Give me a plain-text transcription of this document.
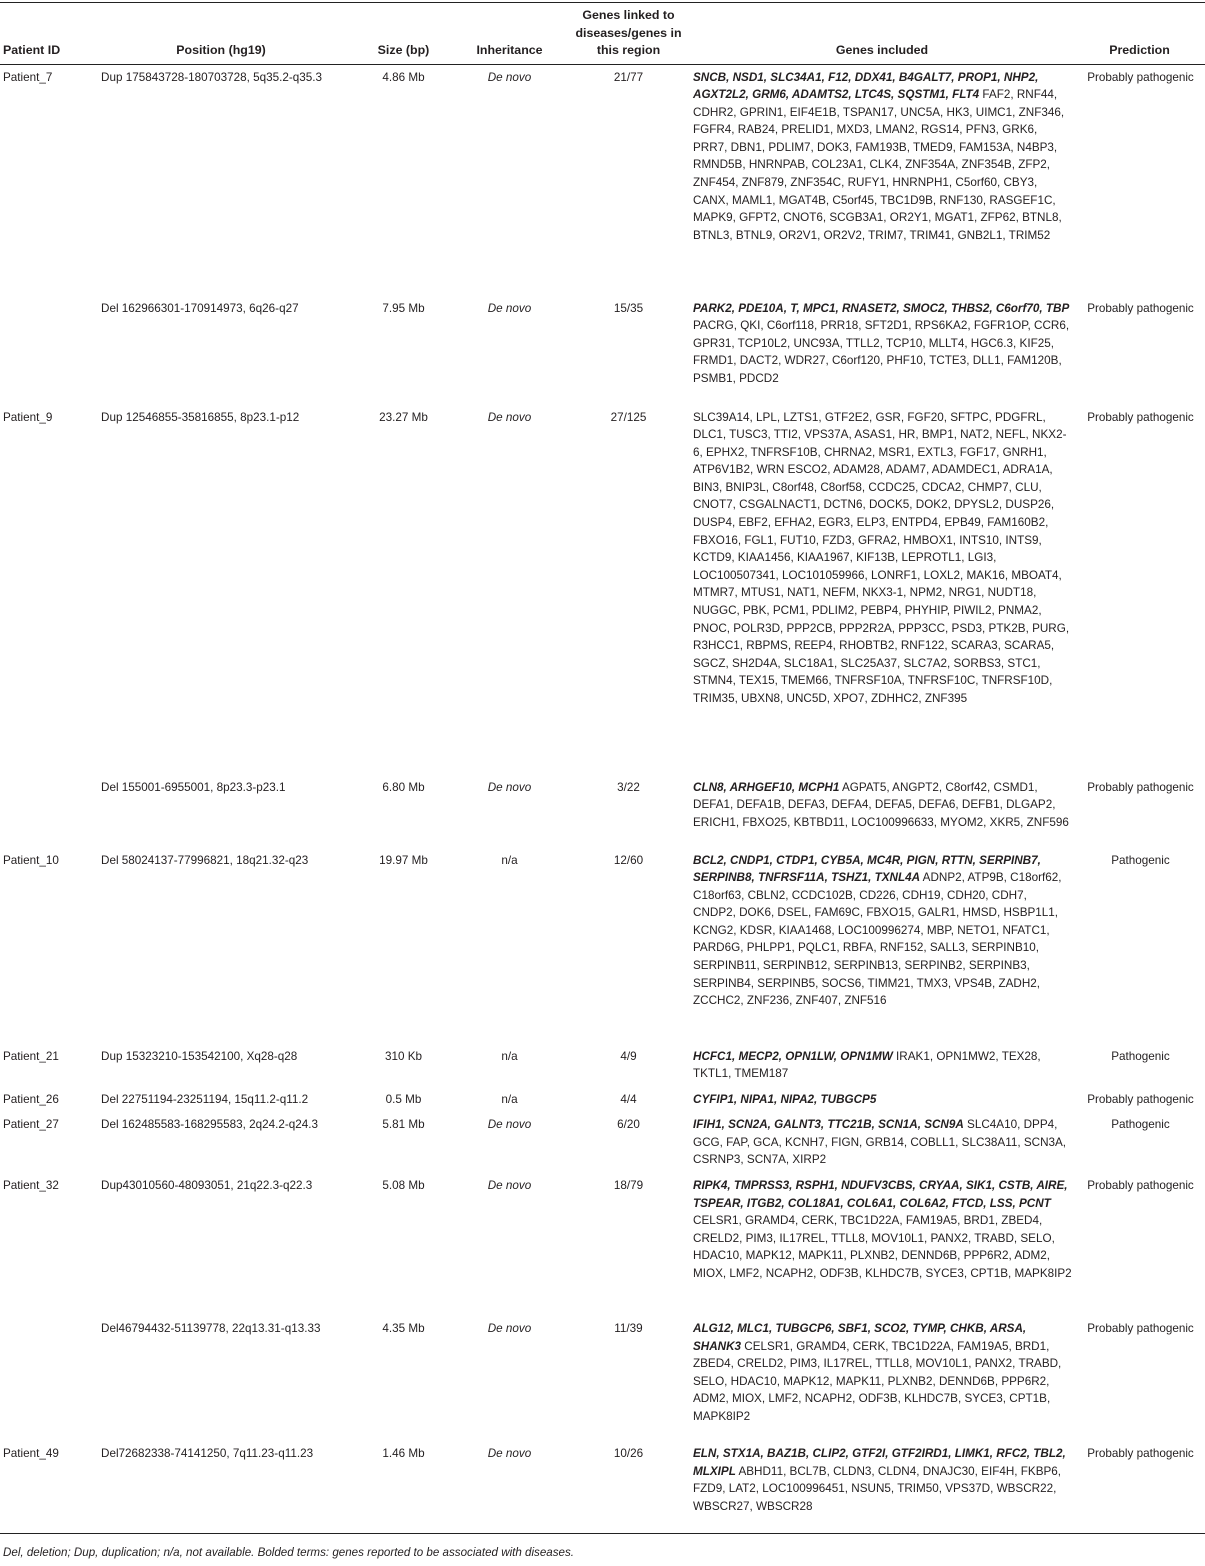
Patient ID	Position (hg19)	Size (bp)	Inheritance	Genes linked to diseases/genes in this region	Genes included	Prediction
Patient_7	Dup 175843728-180703728, 5q35.2-q35.3	4.86 Mb	De novo	21/77	SNCB, NSD1, SLC34A1, F12, DDX41, B4GALT7, PROP1, NHP2, AGXT2L2, GRM6, ADAMTS2, LTC4S, SQSTM1, FLT4 FAF2, RNF44, CDHR2, GPRIN1, EIF4E1B, TSPAN17, UNC5A, HK3, UIMC1, ZNF346, FGFR4, RAB24, PRELID1, MXD3, LMAN2, RGS14, PFN3, GRK6, PRR7, DBN1, PDLIM7, DOK3, FAM193B, TMED9, FAM153A, N4BP3, RMND5B, HNRNPAB, COL23A1, CLK4, ZNF354A, ZNF354B, ZFP2, ZNF454, ZNF879, ZNF354C, RUFY1, HNRNPH1, C5orf60, CBY3, CANX, MAML1, MGAT4B, C5orf45, TBC1D9B, RNF130, RASGEF1C, MAPK9, GFPT2, CNOT6, SCGB3A1, OR2Y1, MGAT1, ZFP62, BTNL8, BTNL3, BTNL9, OR2V1, OR2V2, TRIM7, TRIM41, GNB2L1, TRIM52	Probably pathogenic
	Del 162966301-170914973, 6q26-q27	7.95 Mb	De novo	15/35	PARK2, PDE10A, T, MPC1, RNASET2, SMOC2, THBS2, C6orf70, TBP PACRG, QKI, C6orf118, PRR18, SFT2D1, RPS6KA2, FGFR1OP, CCR6, GPR31, TCP10L2, UNC93A, TTLL2, TCP10, MLLT4, HGC6.3, KIF25, FRMD1, DACT2, WDR27, C6orf120, PHF10, TCTE3, DLL1, FAM120B, PSMB1, PDCD2	Probably pathogenic
Patient_9	Dup 12546855-35816855, 8p23.1-p12	23.27 Mb	De novo	27/125	SLC39A14, LPL, LZTS1, GTF2E2, GSR, FGF20, SFTPC, PDGFRL, DLC1, TUSC3, TTI2, VPS37A, ASAS1, HR, BMP1, NAT2, NEFL, NKX2-6, EPHX2, TNFRSF10B, CHRNA2, MSR1, EXTL3, FGF17, GNRH1, ATP6V1B2, WRN ESCO2, ADAM28, ADAM7, ADAMDEC1, ADRA1A, BIN3, BNIP3L, C8orf48, C8orf58, CCDC25, CDCA2, CHMP7, CLU, CNOT7, CSGALNACT1, DCTN6, DOCK5, DOK2, DPYSL2, DUSP26, DUSP4, EBF2, EFHA2, EGR3, ELP3, ENTPD4, EPB49, FAM160B2, FBXO16, FGL1, FUT10, FZD3, GFRA2, HMBOX1, INTS10, INTS9, KCTD9, KIAA1456, KIAA1967, KIF13B, LEPROTL1, LGI3, LOC100507341, LOC101059966, LONRF1, LOXL2, MAK16, MBOAT4, MTMR7, MTUS1, NAT1, NEFM, NKX3-1, NPM2, NRG1, NUDT18, NUGGC, PBK, PCM1, PDLIM2, PEBP4, PHYHIP, PIWIL2, PNMA2, PNOC, POLR3D, PPP2CB, PPP2R2A, PPP3CC, PSD3, PTK2B, PURG, R3HCC1, RBPMS, REEP4, RHOBTB2, RNF122, SCARA3, SCARA5, SGCZ, SH2D4A, SLC18A1, SLC25A37, SLC7A2, SORBS3, STC1, STMN4, TEX15, TMEM66, TNFRSF10A, TNFRSF10C, TNFRSF10D, TRIM35, UBXN8, UNC5D, XPO7, ZDHHC2, ZNF395	Probably pathogenic
	Del 155001-6955001, 8p23.3-p23.1	6.80 Mb	De novo	3/22	CLN8, ARHGEF10, MCPH1 AGPAT5, ANGPT2, C8orf42, CSMD1, DEFA1, DEFA1B, DEFA3, DEFA4, DEFA5, DEFA6, DEFB1, DLGAP2, ERICH1, FBXO25, KBTBD11, LOC100996633, MYOM2, XKR5, ZNF596	Probably pathogenic
Patient_10	Del 58024137-77996821, 18q21.32-q23	19.97 Mb	n/a	12/60	BCL2, CNDP1, CTDP1, CYB5A, MC4R, PIGN, RTTN, SERPINB7, SERPINB8, TNFRSF11A, TSHZ1, TXNL4A ADNP2, ATP9B, C18orf62, C18orf63, CBLN2, CCDC102B, CD226, CDH19, CDH20, CDH7, CNDP2, DOK6, DSEL, FAM69C, FBXO15, GALR1, HMSD, HSBP1L1, KCNG2, KDSR, KIAA1468, LOC100996274, MBP, NETO1, NFATC1, PARD6G, PHLPP1, PQLC1, RBFA, RNF152, SALL3, SERPINB10, SERPINB11, SERPINB12, SERPINB13, SERPINB2, SERPINB3, SERPINB4, SERPINB5, SOCS6, TIMM21, TMX3, VPS4B, ZADH2, ZCCHC2, ZNF236, ZNF407, ZNF516	Pathogenic
Patient_21	Dup 15323210-153542100, Xq28-q28	310 Kb	n/a	4/9	HCFC1, MECP2, OPN1LW, OPN1MW IRAK1, OPN1MW2, TEX28, TKTL1, TMEM187	Pathogenic
Patient_26	Del 22751194-23251194, 15q11.2-q11.2	0.5 Mb	n/a	4/4	CYFIP1, NIPA1, NIPA2, TUBGCP5	Probably pathogenic
Patient_27	Del 162485583-168295583, 2q24.2-q24.3	5.81 Mb	De novo	6/20	IFIH1, SCN2A, GALNT3, TTC21B, SCN1A, SCN9A SLC4A10, DPP4, GCG, FAP, GCA, KCNH7, FIGN, GRB14, COBLL1, SLC38A11, SCN3A, CSRNP3, SCN7A, XIRP2	Pathogenic
Patient_32	Dup43010560-48093051, 21q22.3-q22.3	5.08 Mb	De novo	18/79	RIPK4, TMPRSS3, RSPH1, NDUFV3CBS, CRYAA, SIK1, CSTB, AIRE, TSPEAR, ITGB2, COL18A1, COL6A1, COL6A2, FTCD, LSS, PCNT CELSR1, GRAMD4, CERK, TBC1D22A, FAM19A5, BRD1, ZBED4, CRELD2, PIM3, IL17REL, TTLL8, MOV10L1, PANX2, TRABD, SELO, HDAC10, MAPK12, MAPK11, PLXNB2, DENND6B, PPP6R2, ADM2, MIOX, LMF2, NCAPH2, ODF3B, KLHDC7B, SYCE3, CPT1B, MAPK8IP2	Probably pathogenic
	Del46794432-51139778, 22q13.31-q13.33	4.35 Mb	De novo	11/39	ALG12, MLC1, TUBGCP6, SBF1, SCO2, TYMP, CHKB, ARSA, SHANK3 CELSR1, GRAMD4, CERK, TBC1D22A, FAM19A5, BRD1, ZBED4, CRELD2, PIM3, IL17REL, TTLL8, MOV10L1, PANX2, TRABD, SELO, HDAC10, MAPK12, MAPK11, PLXNB2, DENND6B, PPP6R2, ADM2, MIOX, LMF2, NCAPH2, ODF3B, KLHDC7B, SYCE3, CPT1B, MAPK8IP2	Probably pathogenic
Patient_49	Del72682338-74141250, 7q11.23-q11.23	1.46 Mb	De novo	10/26	ELN, STX1A, BAZ1B, CLIP2, GTF2I, GTF2IRD1, LIMK1, RFC2, TBL2, MLXIPL ABHD11, BCL7B, CLDN3, CLDN4, DNAJC30, EIF4H, FKBP6, FZD9, LAT2, LOC100996451, NSUN5, TRIM50, VPS37D, WBSCR22, WBSCR27, WBSCR28	Probably pathogenic
Del, deletion; Dup, duplication; n/a, not available. Bolded terms: genes reported to be associated with diseases.
